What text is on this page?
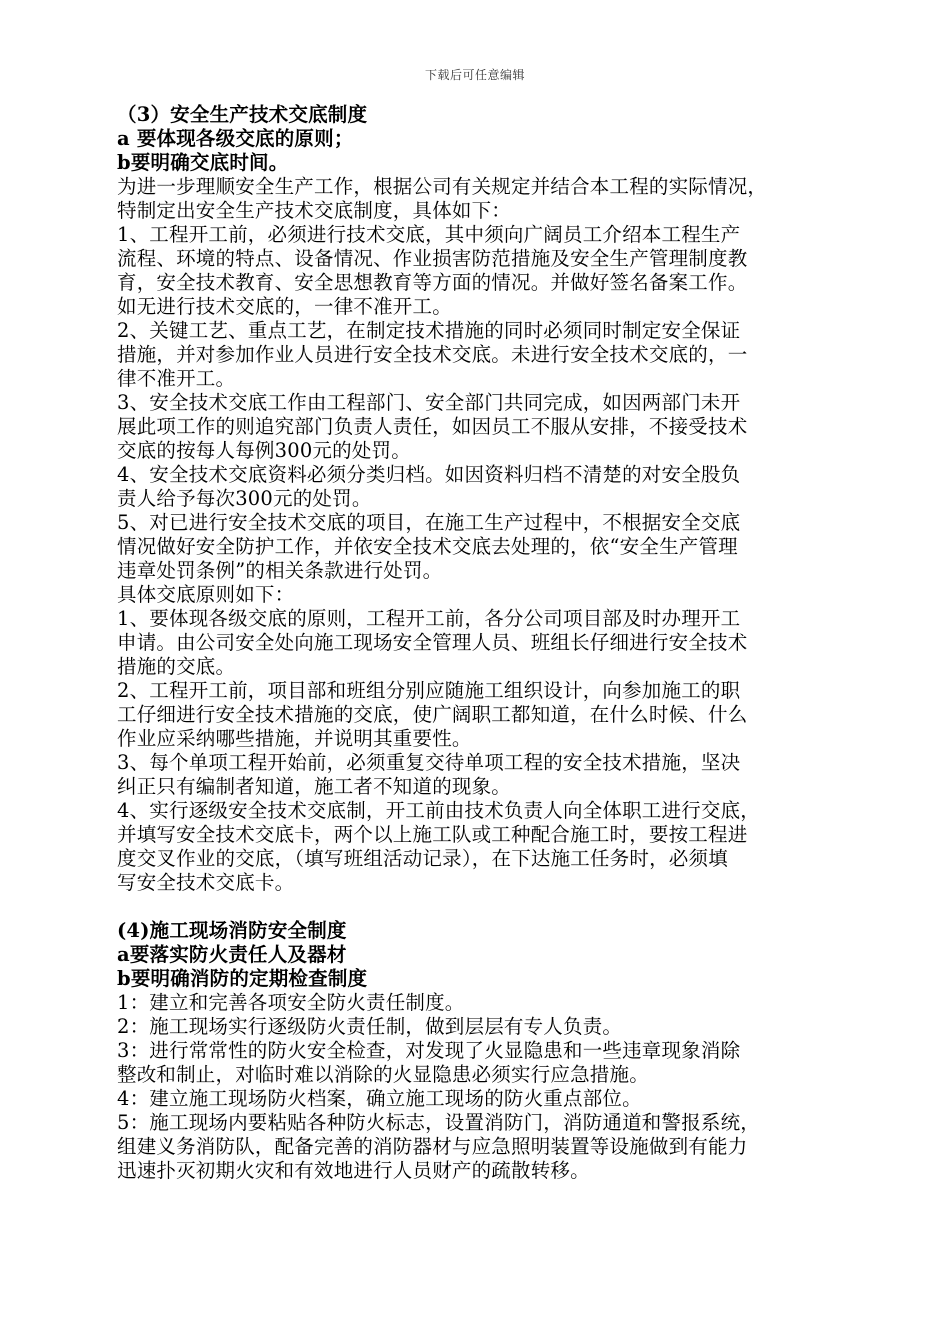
下载后可任意编辑
（3）安全生产技术交底制度
a 要体现各级交底的原则；
b要明确交底时间。
为进一步理顺安全生产工作，根据公司有关规定并结合本工程的实际情况，
特制定出安全生产技术交底制度，具体如下：
1、工程开工前，必须进行技术交底，其中须向广阔员工介绍本工程生产
流程、环境的特点、设备情况、作业损害防范措施及安全生产管理制度教
育，安全技术教育、安全思想教育等方面的情况。并做好签名备案工作。
如无进行技术交底的，一律不准开工。
2、关键工艺、重点工艺，在制定技术措施的同时必须同时制定安全保证
措施，并对参加作业人员进行安全技术交底。未进行安全技术交底的，一
律不准开工。
3、安全技术交底工作由工程部门、安全部门共同完成，如因两部门未开
展此项工作的则追究部门负责人责任，如因员工不服从安排，不接受技术
交底的按每人每例300元的处罚。
4、安全技术交底资料必须分类归档。如因资料归档不清楚的对安全股负
责人给予每次300元的处罚。
5、对已进行安全技术交底的项目，在施工生产过程中，不根据安全交底
情况做好安全防护工作，并依安全技术交底去处理的，依“安全生产管理
违章处罚条例”的相关条款进行处罚。
具体交底原则如下：
1、要体现各级交底的原则，工程开工前，各分公司项目部及时办理开工
申请。由公司安全处向施工现场安全管理人员、班组长仔细进行安全技术
措施的交底。
2、工程开工前，项目部和班组分别应随施工组织设计，向参加施工的职
工仔细进行安全技术措施的交底，使广阔职工都知道，在什么时候、什么
作业应采纳哪些措施，并说明其重要性。
3、每个单项工程开始前，必须重复交待单项工程的安全技术措施，坚决
纠正只有编制者知道，施工者不知道的现象。
4、实行逐级安全技术交底制，开工前由技术负责人向全体职工进行交底，
并填写安全技术交底卡，两个以上施工队或工种配合施工时，要按工程进
度交叉作业的交底，（填写班组活动记录），在下达施工任务时，必须填
写安全技术交底卡。
(4)施工现场消防安全制度
a要落实防火责任人及器材
b要明确消防的定期检查制度
1：建立和完善各项安全防火责任制度。
2：施工现场实行逐级防火责任制，做到层层有专人负责。
3：进行常常性的防火安全检查，对发现了火显隐患和一些违章现象消除
整改和制止，对临时难以消除的火显隐患必须实行应急措施。
4：建立施工现场防火档案，确立施工现场的防火重点部位。
5：施工现场内要粘贴各种防火标志，设置消防门，消防通道和警报系统，
组建义务消防队，配备完善的消防器材与应急照明装置等设施做到有能力
迅速扑灭初期火灾和有效地进行人员财产的疏散转移。
